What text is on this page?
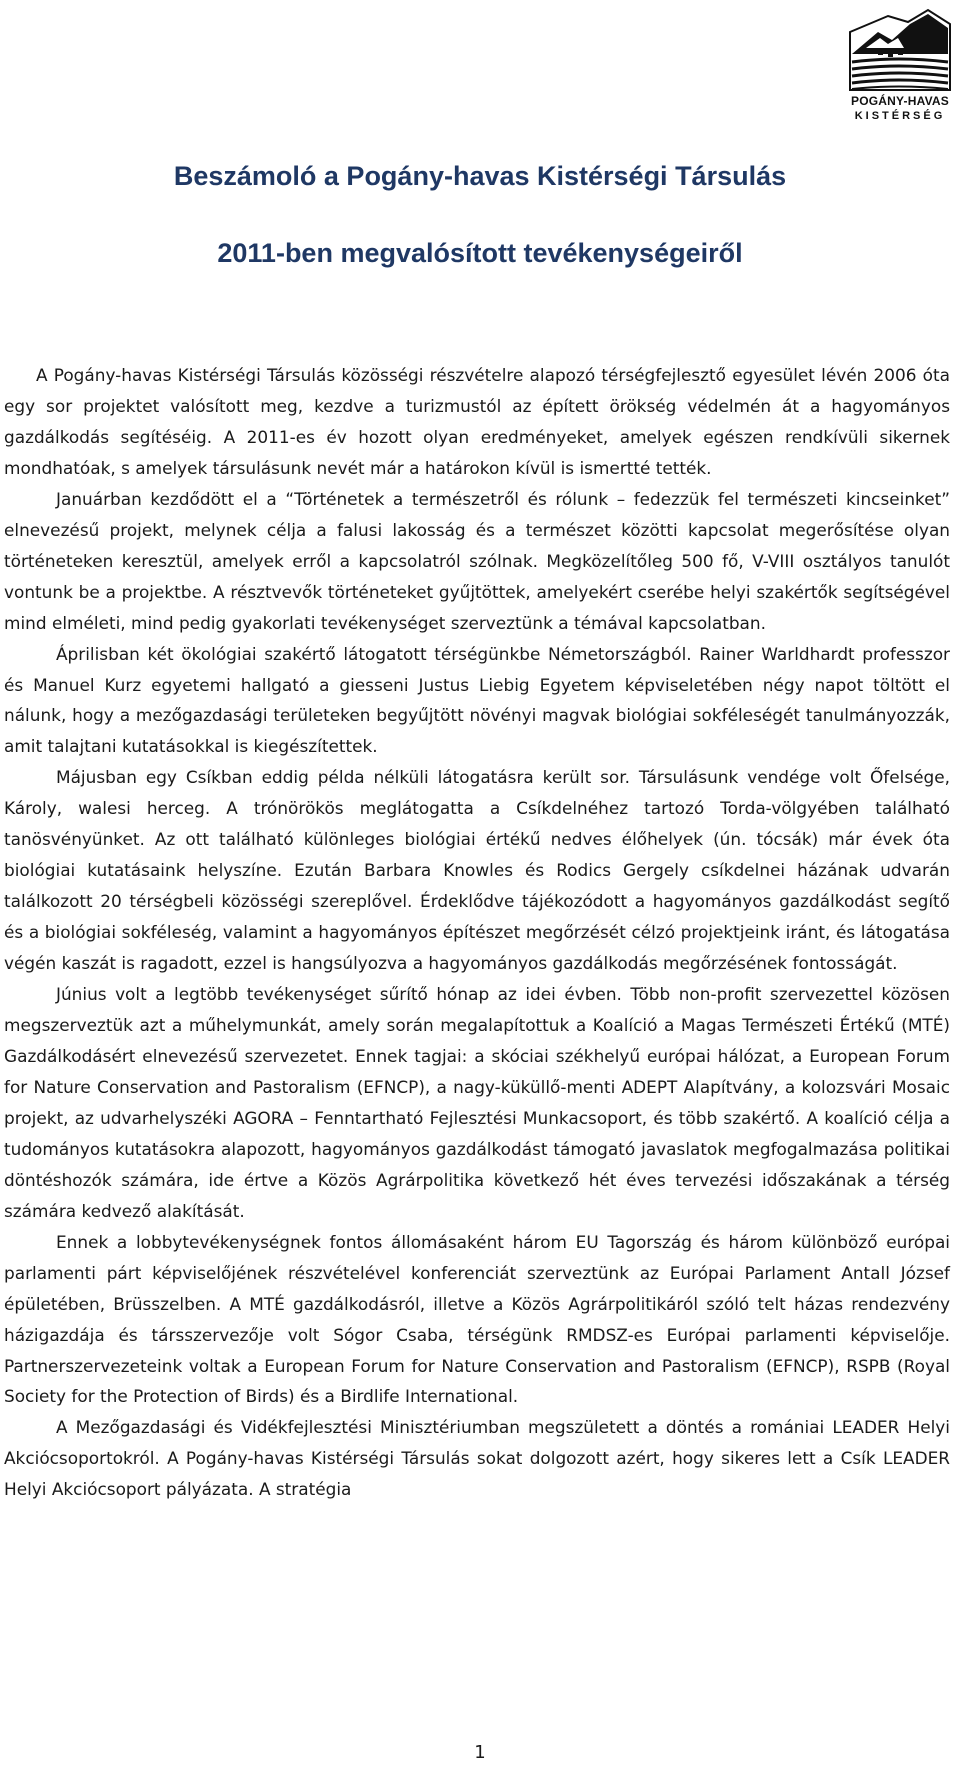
POGÁNY-HAVAS
KISTÉRSÉG
Beszámoló a Pogány-havas Kistérségi Társulás
2011-ben megvalósított tevékenységeiről

A Pogány-havas Kistérségi Társulás közösségi részvételre alapozó térségfejlesztő egyesület lévén 2006 óta egy sor projektet valósított meg, kezdve a turizmustól az épített örökség védelmén át a hagyományos gazdálkodás segítéséig. A 2011-es év hozott olyan eredményeket, amelyek egészen rendkívüli sikernek mondhatóak, s amelyek társulásunk nevét már a határokon kívül is ismertté tették.

Januárban kezdődött el a “Történetek a természetről és rólunk – fedezzük fel természeti kincseinket” elnevezésű projekt, melynek célja a falusi lakosság és a természet közötti kapcsolat megerősítése olyan történeteken keresztül, amelyek erről a kapcsolatról szólnak. Megközelítőleg 500 fő, V-VIII osztályos tanulót vontunk be a projektbe. A résztvevők történeteket gyűjtöttek, amelyekért cserébe helyi szakértők segítségével mind elméleti, mind pedig gyakorlati tevékenységet szerveztünk a témával kapcsolatban.

Áprilisban két ökológiai szakértő látogatott térségünkbe Németországból. Rainer Warldhardt professzor és Manuel Kurz egyetemi hallgató a giesseni Justus Liebig Egyetem képviseletében négy napot töltött el nálunk, hogy a mezőgazdasági területeken begyűjtött növényi magvak biológiai sokféleségét tanulmányozzák, amit talajtani kutatásokkal is kiegészítettek.

Májusban egy Csíkban eddig példa nélküli látogatásra került sor. Társulásunk vendége volt Őfelsége, Károly, walesi herceg. A trónörökös meglátogatta a Csíkdelnéhez tartozó Torda-völgyében található tanösvényünket. Az ott található különleges biológiai értékű nedves élőhelyek (ún. tócsák) már évek óta biológiai kutatásaink helyszíne. Ezután Barbara Knowles és Rodics Gergely csíkdelnei házának udvarán találkozott 20 térségbeli közösségi szereplővel. Érdeklődve tájékozódott a hagyományos gazdálkodást segítő és a biológiai sokféleség, valamint a hagyományos építészet megőrzését célzó projektjeink iránt, és látogatása végén kaszát is ragadott, ezzel is hangsúlyozva a hagyományos gazdálkodás megőrzésének fontosságát.

Június volt a legtöbb tevékenységet sűrítő hónap az idei évben. Több non-profit szervezettel közösen megszerveztük azt a műhelymunkát, amely során megalapítottuk a Koalíció a Magas Természeti Értékű (MTÉ) Gazdálkodásért elnevezésű szervezetet. Ennek tagjai: a skóciai székhelyű európai hálózat, a European Forum for Nature Conservation and Pastoralism (EFNCP), a nagy-küküllő-menti ADEPT Alapítvány, a kolozsvári Mosaic projekt, az udvarhelyszéki AGORA – Fenntartható Fejlesztési Munkacsoport, és több szakértő. A koalíció célja a tudományos kutatásokra alapozott, hagyományos gazdálkodást támogató javaslatok megfogalmazása politikai döntéshozók számára, ide értve a Közös Agrárpolitika következő hét éves tervezési időszakának a térség számára kedvező alakítását.

Ennek a lobbytevékenységnek fontos állomásaként három EU Tagország és három különböző európai parlamenti párt képviselőjének részvételével konferenciát szerveztünk az Európai Parlament Antall József épületében, Brüsszelben. A MTÉ gazdálkodásról, illetve a Közös Agrárpolitikáról szóló telt házas rendezvény házigazdája és társszervezője volt Sógor Csaba, térségünk RMDSZ-es Európai parlamenti képviselője. Partnerszervezeteink voltak a European Forum for Nature Conservation and Pastoralism (EFNCP), RSPB (Royal Society for the Protection of Birds) és a Birdlife International.

A Mezőgazdasági és Vidékfejlesztési Minisztériumban megszületett a döntés a romániai LEADER Helyi Akciócsoportokról. A Pogány-havas Kistérségi Társulás sokat dolgozott azért, hogy sikeres lett a Csík LEADER Helyi Akciócsoport pályázata. A stratégia

1
